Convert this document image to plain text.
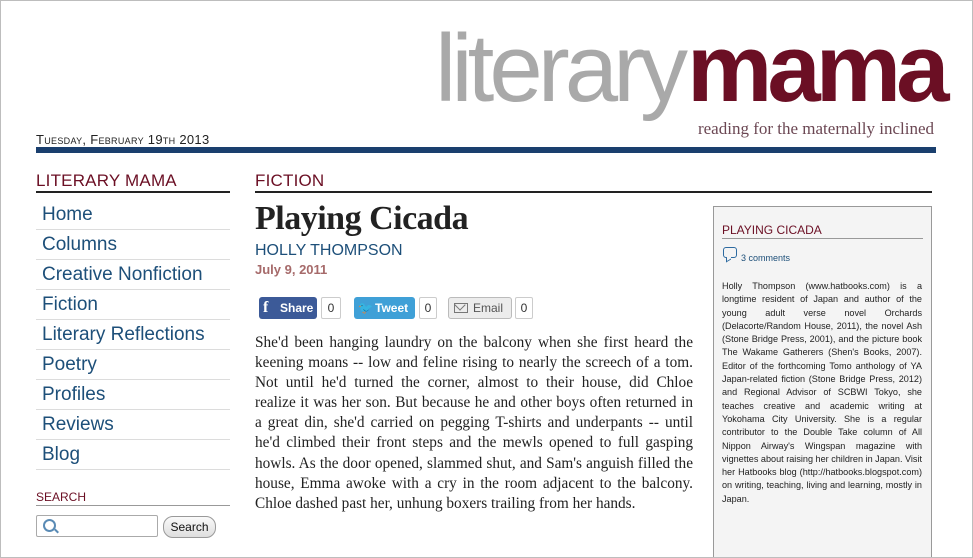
literary mama
reading for the maternally inclined
Tuesday, February 19th 2013
LITERARY MAMA
Home
Columns
Creative Nonfiction
Fiction
Literary Reflections
Poetry
Profiles
Reviews
Blog
SEARCH
Search
FICTION
Playing Cicada
HOLLY THOMPSON
July 9, 2011
f Share	0	🐦 Tweet	0	Email	0

She'd been hanging laundry on the balcony when she first heard the keening moans -- low and feline rising to nearly the screech of a tom. Not until he'd turned the corner, almost to their house, did Chloe realize it was her son. But because he and other boys often returned in a great din, she'd carried on pegging T-shirts and underpants -- until he'd climbed their front steps and the mewls opened to full gasping howls. As the door opened, slammed shut, and Sam's anguish filled the house, Emma awoke with a cry in the room adjacent to the balcony. Chloe dashed past her, unhung boxers trailing from her hands.

PLAYING CICADA
3 comments

Holly Thompson (www.hatbooks.com) is a longtime resident of Japan and author of the young adult verse novel Orchards (Delacorte/Random House, 2011), the novel Ash (Stone Bridge Press, 2001), and the picture book The Wakame Gatherers (Shen's Books, 2007). Editor of the forthcoming Tomo anthology of YA Japan-related fiction (Stone Bridge Press, 2012) and Regional Advisor of SCBWI Tokyo, she teaches creative and academic writing at Yokohama City University. She is a regular contributor to the Double Take column of All Nippon Airway's Wingspan magazine with vignettes about raising her children in Japan. Visit her Hatbooks blog (http://hatbooks.blogspot.com) on writing, teaching, living and learning, mostly in Japan.
